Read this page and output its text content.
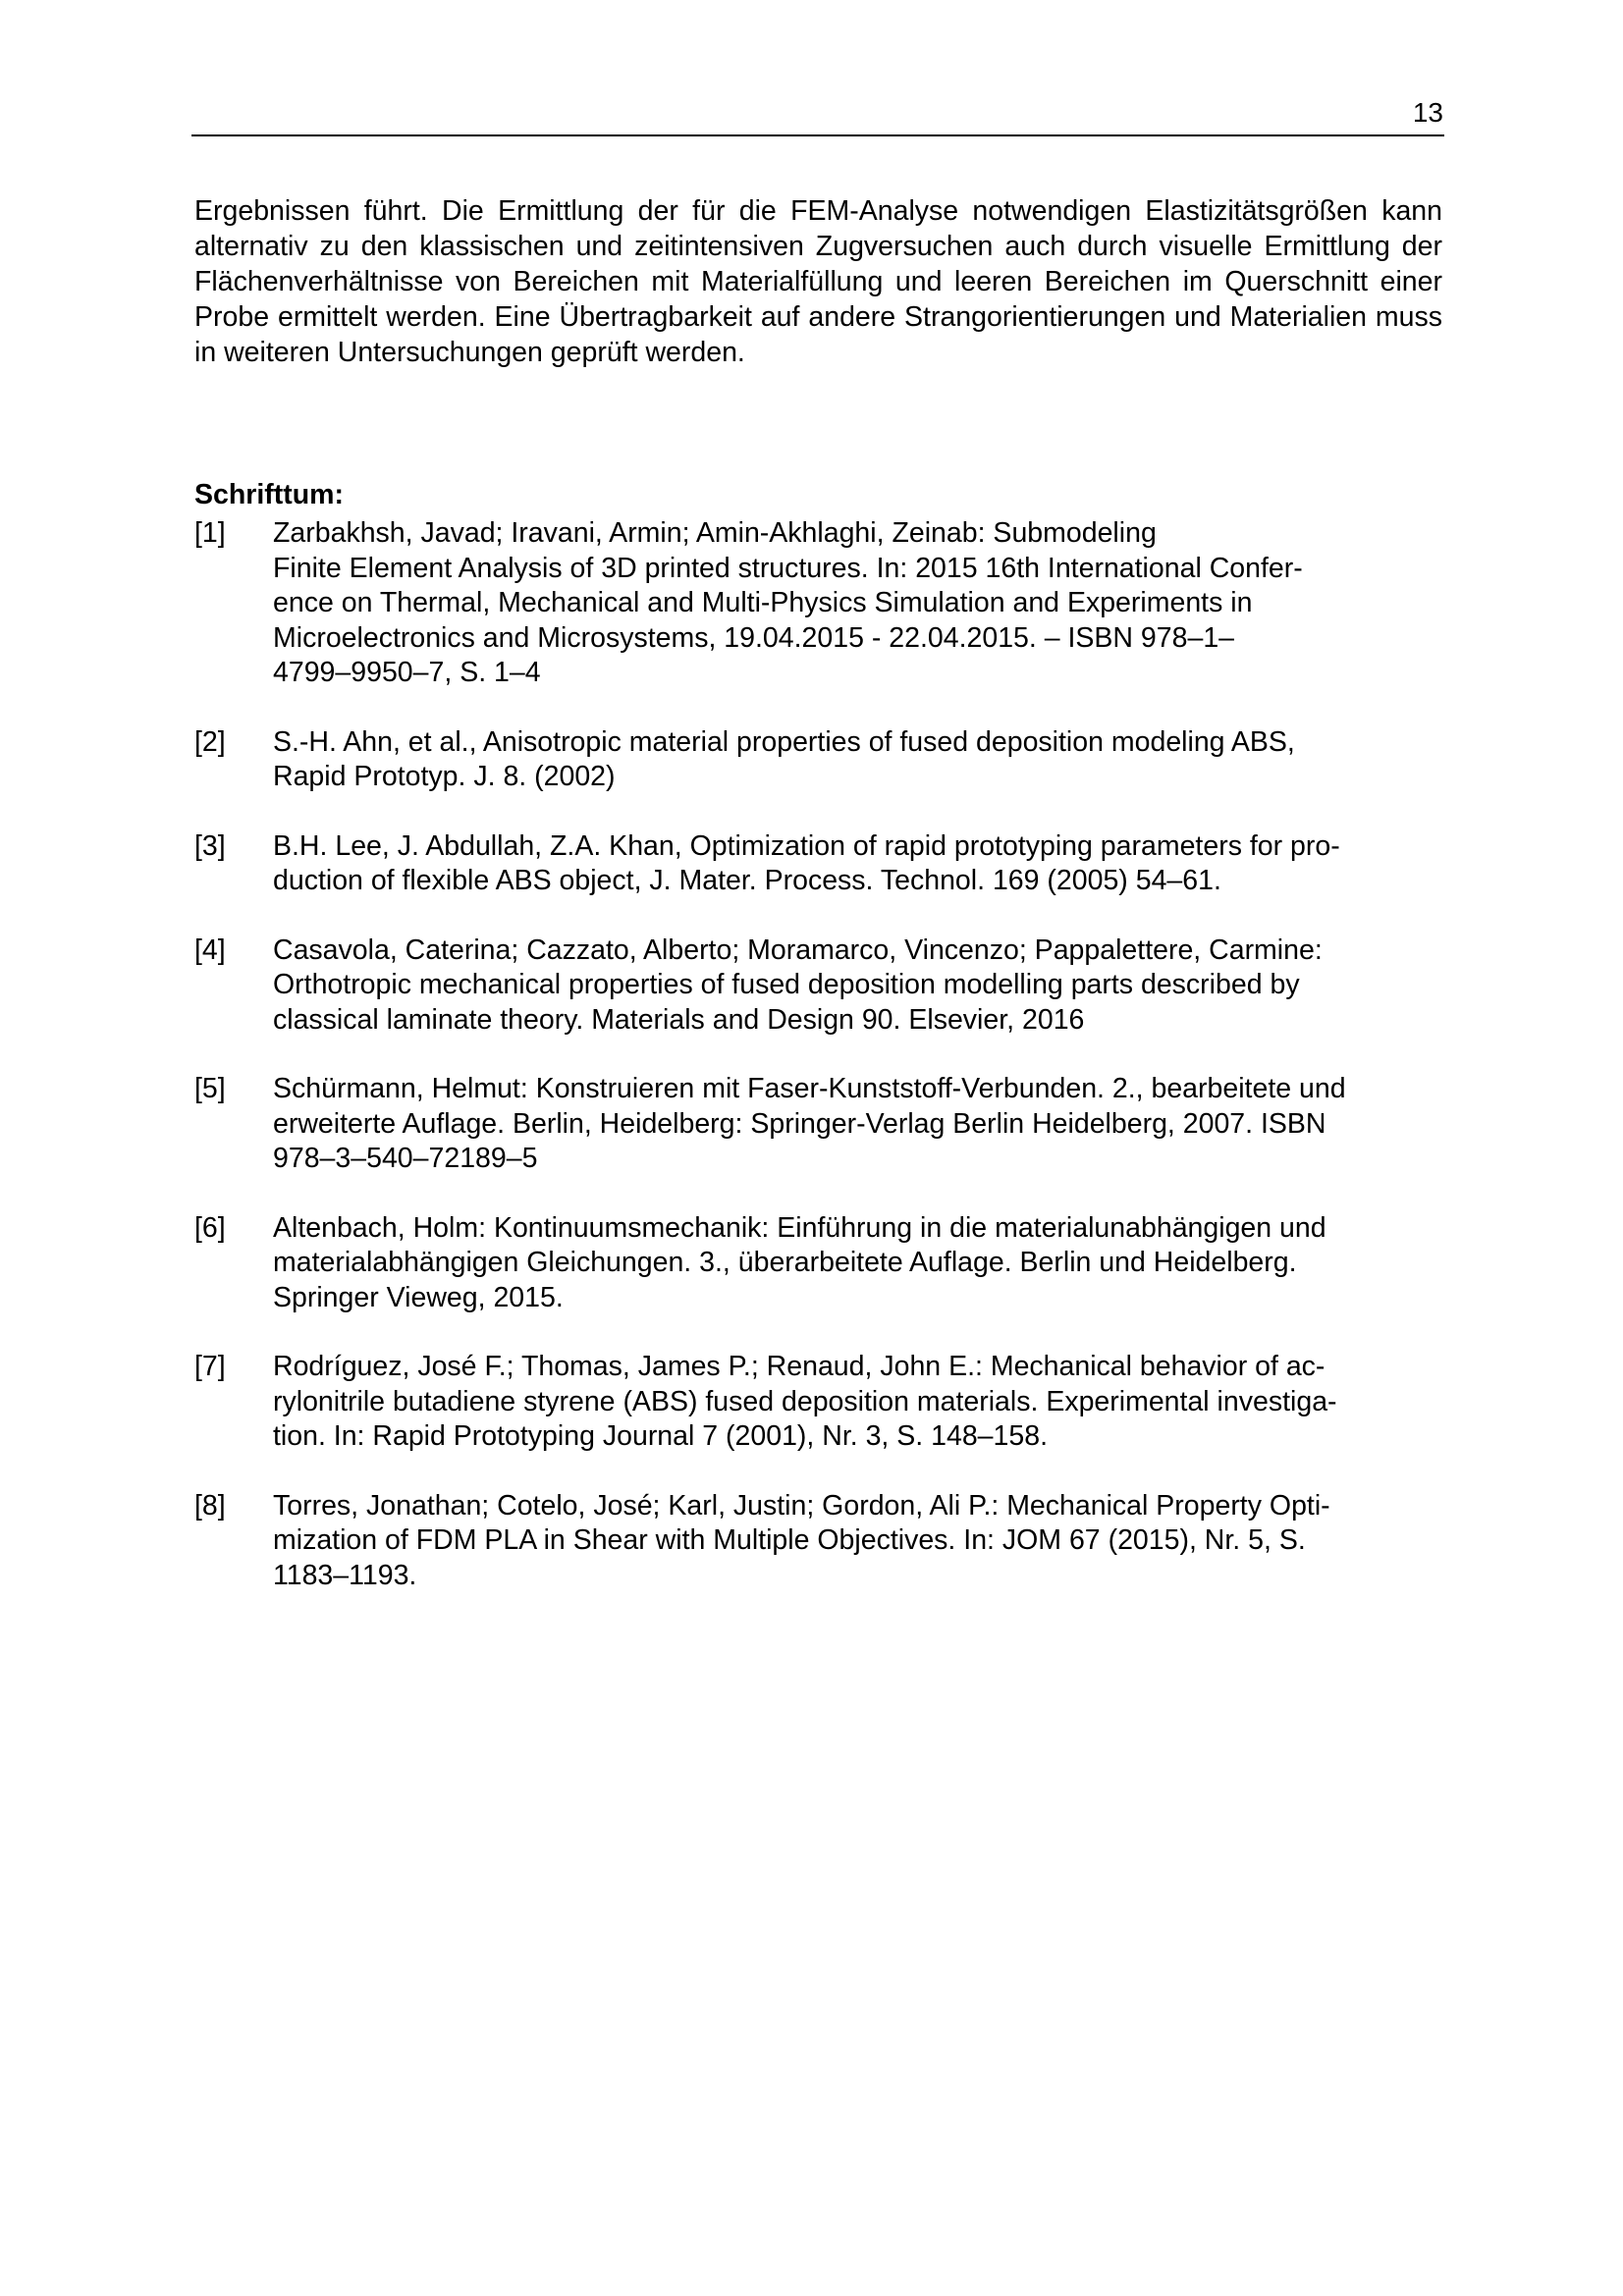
13

Ergebnissen führt. Die Ermittlung der für die FEM-Analyse notwendigen Elastizitätsgrößen kann alternativ zu den klassischen und zeitintensiven Zugversuchen auch durch visuelle Ermittlung der Flächenverhältnisse von Bereichen mit Materialfüllung und leeren Bereichen im Querschnitt einer Probe ermittelt werden. Eine Übertragbarkeit auf andere Strangorientierungen und Materialien muss in weiteren Untersuchungen geprüft werden.

Schrifttum:
[1] Zarbakhsh, Javad; Iravani, Armin; Amin-Akhlaghi, Zeinab: Submodeling
Finite Element Analysis of 3D printed structures. In: 2015 16th International Confer-
ence on Thermal, Mechanical and Multi-Physics Simulation and Experiments in
Microelectronics and Microsystems, 19.04.2015 - 22.04.2015. – ISBN 978–1–
4799–9950–7, S. 1–4
[2] S.-H. Ahn, et al., Anisotropic material properties of fused deposition modeling ABS,
Rapid Prototyp. J. 8. (2002)
[3] B.H. Lee, J. Abdullah, Z.A. Khan, Optimization of rapid prototyping parameters for pro-
duction of flexible ABS object, J. Mater. Process. Technol. 169 (2005) 54–61.
[4] Casavola, Caterina; Cazzato, Alberto; Moramarco, Vincenzo; Pappalettere, Carmine:
Orthotropic mechanical properties of fused deposition modelling parts described by
classical laminate theory. Materials and Design 90. Elsevier, 2016
[5] Schürmann, Helmut: Konstruieren mit Faser-Kunststoff-Verbunden. 2., bearbeitete und
erweiterte Auflage. Berlin, Heidelberg: Springer-Verlag Berlin Heidelberg, 2007. ISBN
978–3–540–72189–5
[6] Altenbach, Holm: Kontinuumsmechanik: Einführung in die materialunabhängigen und
materialabhängigen Gleichungen. 3., überarbeitete Auflage. Berlin und Heidelberg.
Springer Vieweg, 2015.
[7] Rodríguez, José F.; Thomas, James P.; Renaud, John E.: Mechanical behavior of ac-
rylonitrile butadiene styrene (ABS) fused deposition materials. Experimental investiga-
tion. In: Rapid Prototyping Journal 7 (2001), Nr. 3, S. 148–158.
[8] Torres, Jonathan; Cotelo, José; Karl, Justin; Gordon, Ali P.: Mechanical Property Opti-
mization of FDM PLA in Shear with Multiple Objectives. In: JOM 67 (2015), Nr. 5, S.
1183–1193.
